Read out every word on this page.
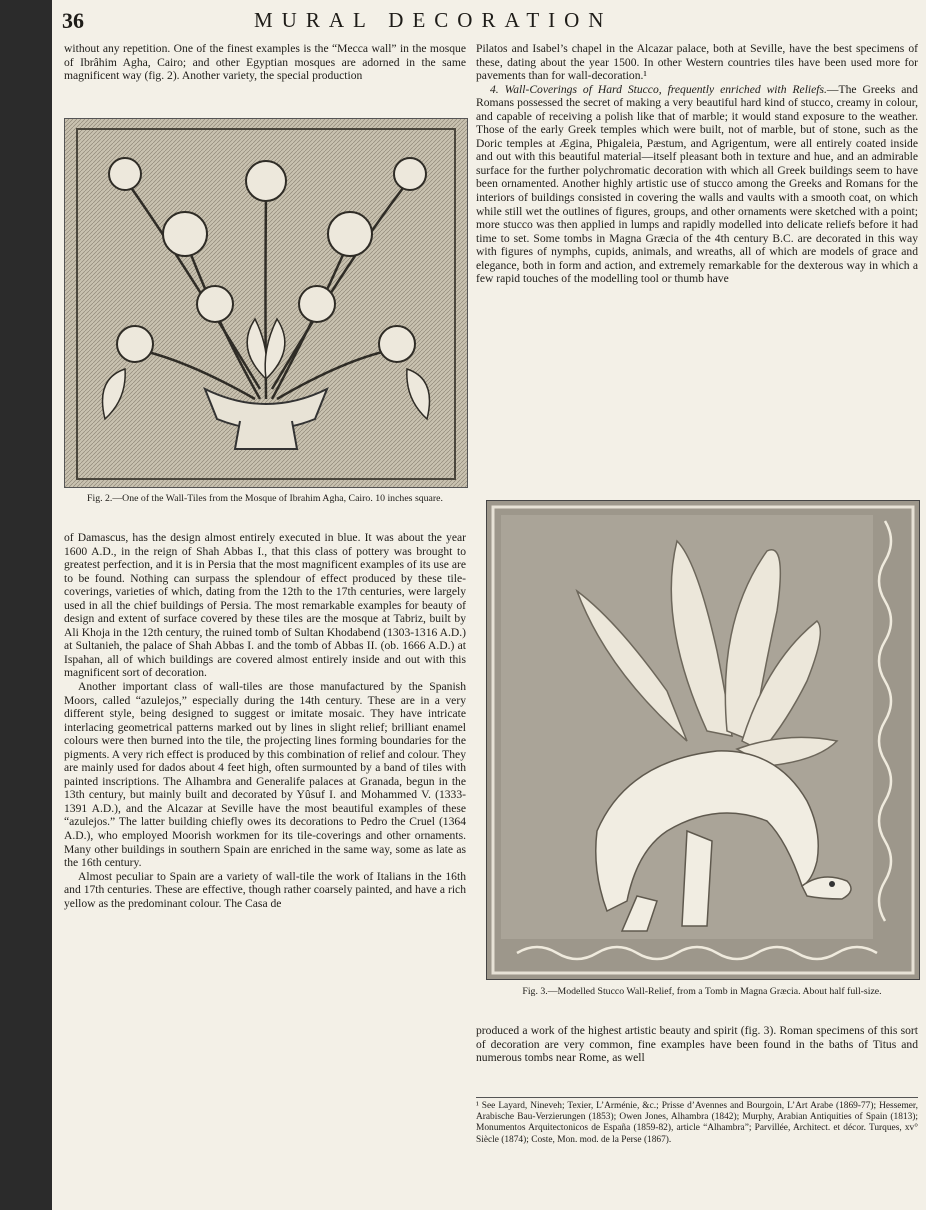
36	MURAL DECORATION

without any repetition. One of the finest examples is the “Mecca wall” in the mosque of Ibrâhim Agha, Cairo; and other Egyptian mosques are adorned in the same magnificent way (fig. 2). Another variety, the special production

Fig. 2.—One of the Wall-Tiles from the Mosque of Ibrahim Agha, Cairo. 10 inches square.

of Damascus, has the design almost entirely executed in blue. It was about the year 1600 A.D., in the reign of Shah Abbas I., that this class of pottery was brought to greatest perfection, and it is in Persia that the most magnificent examples of its use are to be found. Nothing can surpass the splendour of effect produced by these tile-coverings, varieties of which, dating from the 12th to the 17th centuries, were largely used in all the chief buildings of Persia. The most remarkable examples for beauty of design and extent of surface covered by these tiles are the mosque at Tabriz, built by Ali Khoja in the 12th century, the ruined tomb of Sultan Khodabend (1303-1316 A.D.) at Sultanieh, the palace of Shah Abbas I. and the tomb of Abbas II. (ob. 1666 A.D.) at Ispahan, all of which buildings are covered almost entirely inside and out with this magnificent sort of decoration.

Another important class of wall-tiles are those manufactured by the Spanish Moors, called “azulejos,” especially during the 14th century. These are in a very different style, being designed to suggest or imitate mosaic. They have intricate interlacing geometrical patterns marked out by lines in slight relief; brilliant enamel colours were then burned into the tile, the projecting lines forming boundaries for the pigments. A very rich effect is produced by this combination of relief and colour. They are mainly used for dados about 4 feet high, often surmounted by a band of tiles with painted inscriptions. The Alhambra and Generalife palaces at Granada, begun in the 13th century, but mainly built and decorated by Yûsuf I. and Mohammed V. (1333-1391 A.D.), and the Alcazar at Seville have the most beautiful examples of these “azulejos.” The latter building chiefly owes its decorations to Pedro the Cruel (1364 A.D.), who employed Moorish workmen for its tile-coverings and other ornaments. Many other buildings in southern Spain are enriched in the same way, some as late as the 16th century.

Almost peculiar to Spain are a variety of wall-tile the work of Italians in the 16th and 17th centuries. These are effective, though rather coarsely painted, and have a rich yellow as the predominant colour. The Casa de

Pilatos and Isabel’s chapel in the Alcazar palace, both at Seville, have the best specimens of these, dating about the year 1500. In other Western countries tiles have been used more for pavements than for wall-decoration.¹

4. Wall-Coverings of Hard Stucco, frequently enriched with Reliefs.—The Greeks and Romans possessed the secret of making a very beautiful hard kind of stucco, creamy in colour, and capable of receiving a polish like that of marble; it would stand exposure to the weather. Those of the early Greek temples which were built, not of marble, but of stone, such as the Doric temples at Ægina, Phigaleia, Pæstum, and Agrigentum, were all entirely coated inside and out with this beautiful material—itself pleasant both in texture and hue, and an admirable surface for the further polychromatic decoration with which all Greek buildings seem to have been ornamented. Another highly artistic use of stucco among the Greeks and Romans for the interiors of buildings consisted in covering the walls and vaults with a smooth coat, on which while still wet the outlines of figures, groups, and other ornaments were sketched with a point; more stucco was then applied in lumps and rapidly modelled into delicate reliefs before it had time to set. Some tombs in Magna Græcia of the 4th century B.C. are decorated in this way with figures of nymphs, cupids, animals, and wreaths, all of which are models of grace and elegance, both in form and action, and extremely remarkable for the dexterous way in which a few rapid touches of the modelling tool or thumb have

Fig. 3.—Modelled Stucco Wall-Relief, from a Tomb in Magna Græcia. About half full-size.

produced a work of the highest artistic beauty and spirit (fig. 3). Roman specimens of this sort of decoration are very common, fine examples have been found in the baths of Titus and numerous tombs near Rome, as well

¹ See Layard, Nineveh; Texier, L’Arménie, &c.; Prisse d’Avennes and Bourgoin, L’Art Arabe (1869-77); Hessemer, Arabische Bau-Verzierungen (1853); Owen Jones, Alhambra (1842); Murphy, Arabian Antiquities of Spain (1813); Monumentos Arquitectonicos de España (1859-82), article “Alhambra”; Parvillée, Architect. et décor. Turques, xv° Siècle (1874); Coste, Mon. mod. de la Perse (1867).
